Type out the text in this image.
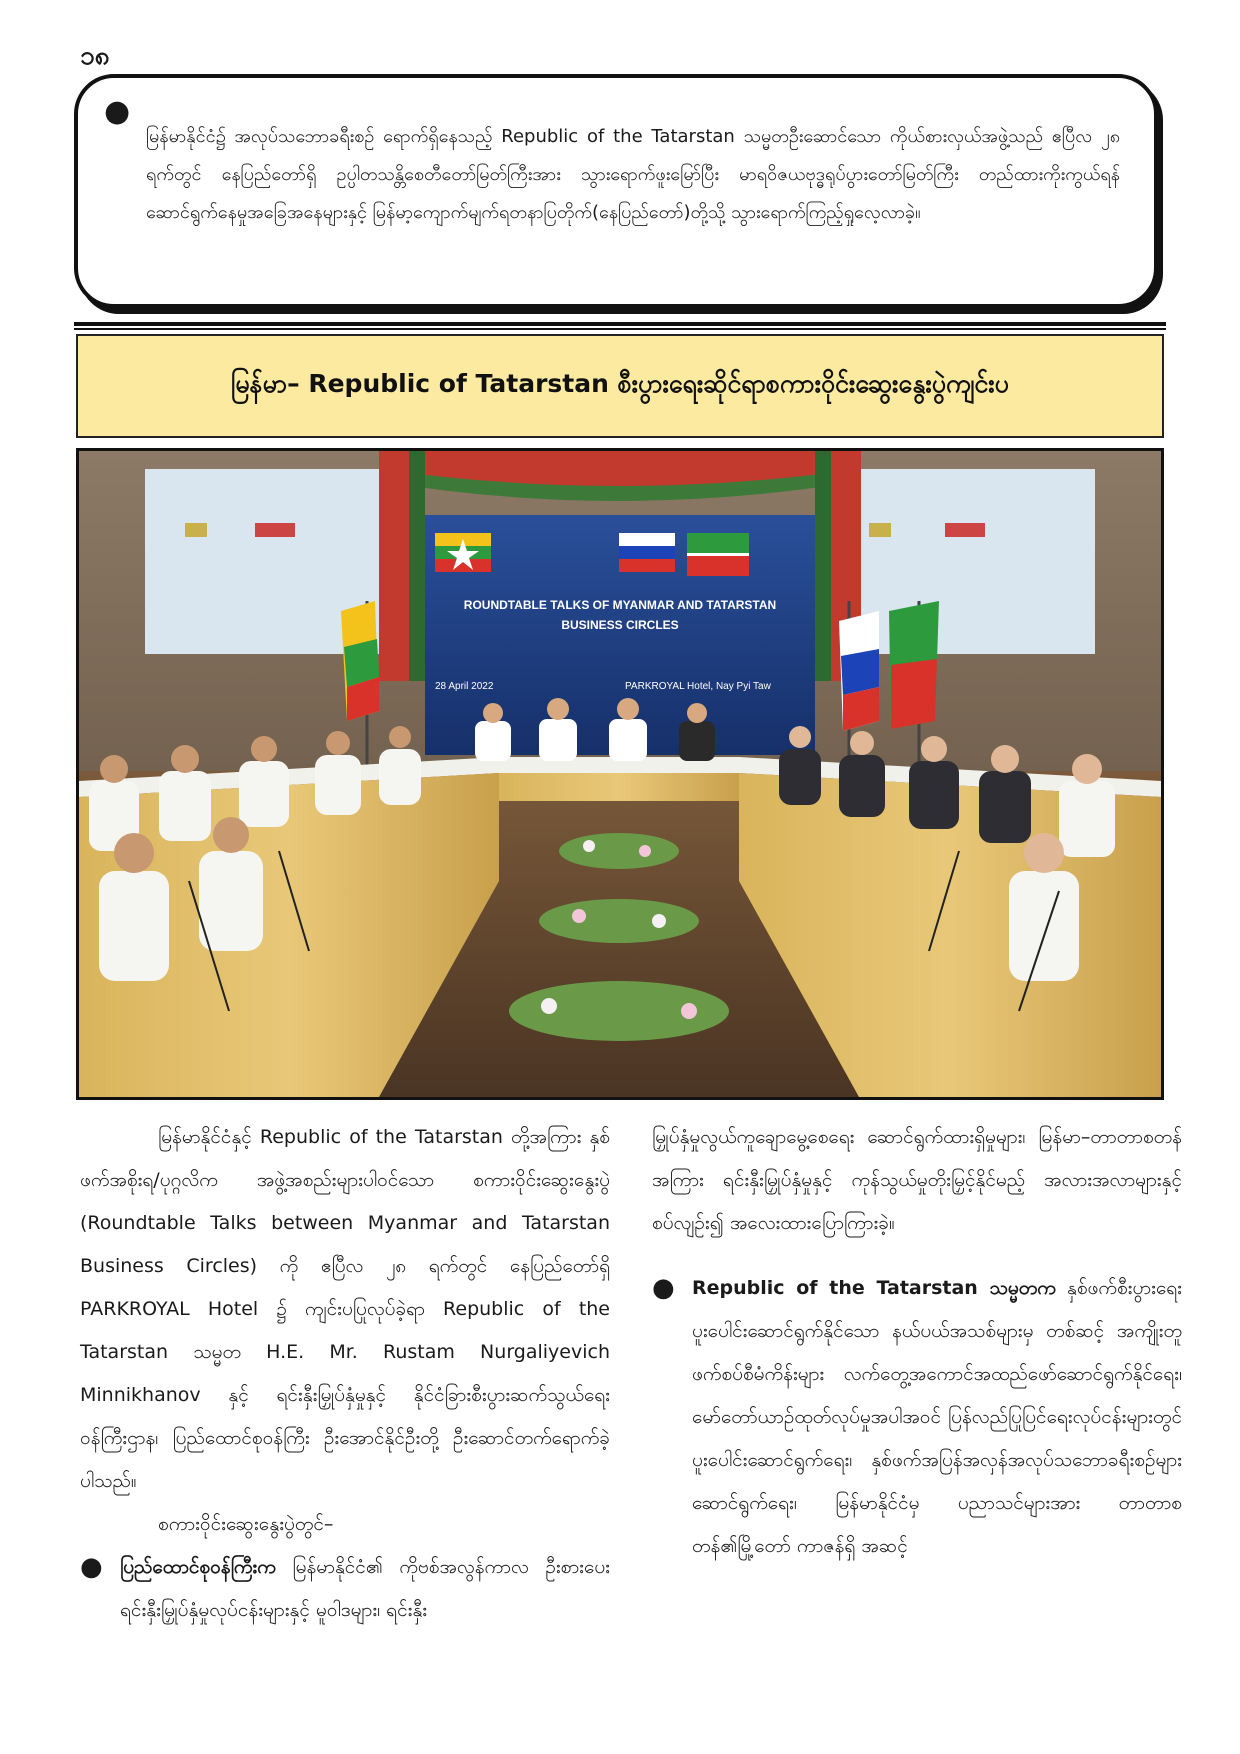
၁၈
●

မြန်မာနိုင်ငံ၌ အလုပ်သဘောခရီးစဉ် ရောက်ရှိနေသည့် Republic of the Tatarstan သမ္မတဦးဆောင်သော ကိုယ်စားလှယ်အဖွဲ့သည် ဧပြီလ ၂၈ ရက်တွင် နေပြည်တော်ရှိ ဥပ္ပါတသန္တိစေတီတော်မြတ်ကြီးအား သွားရောက်ဖူးမြော်ပြီး မာရဝိဇယဗုဒ္ဓရုပ်ပွားတော်မြတ်ကြီး တည်ထားကိုးကွယ်ရန် ဆောင်ရွက်နေမှုအခြေအနေများနှင့် မြန်မာ့ကျောက်မျက်ရတနာပြတိုက်(နေပြည်တော်)တို့သို့ သွားရောက်ကြည့်ရှုလေ့လာခဲ့။

မြန်မာ– Republic of Tatarstan စီးပွားရေးဆိုင်ရာစကားဝိုင်းဆွေးနွေးပွဲကျင်းပ
ROUNDTABLE TALKS OF MYANMAR AND TATARSTAN
BUSINESS CIRCLES
28 April 2022	PARKROYAL Hotel, Nay Pyi Taw

မြန်မာနိုင်ငံနှင့် Republic of the Tatarstan တို့အကြား နှစ်ဖက်အစိုးရ/ပုဂ္ဂလိက အဖွဲ့အစည်းများပါဝင်သော စကားဝိုင်းဆွေးနွေးပွဲ (Roundtable Talks between Myanmar and Tatarstan Business Circles) ကို ဧပြီလ ၂၈ ရက်တွင် နေပြည်တော်ရှိ PARKROYAL Hotel ၌ ကျင်းပပြုလုပ်ခဲ့ရာ Republic of the Tatarstan သမ္မတ H.E. Mr. Rustam Nurgaliyevich Minnikhanov နှင့် ရင်းနှီးမြှုပ်နှံမှုနှင့် နိုင်ငံခြားစီးပွားဆက်သွယ်ရေးဝန်ကြီးဌာန၊ ပြည်ထောင်စုဝန်ကြီး ဦးအောင်နိုင်ဦးတို့ ဦးဆောင်တက်ရောက်ခဲ့ပါသည်။

စကားဝိုင်းဆွေးနွေးပွဲတွင်–

● ပြည်ထောင်စုဝန်ကြီးက မြန်မာနိုင်ငံ၏ ကိုဗစ်အလွန်ကာလ ဦးစားပေး ရင်းနှီးမြှုပ်နှံမှုလုပ်ငန်းများနှင့် မူဝါဒများ၊ ရင်းနှီး

မြှုပ်နှံမှုလွယ်ကူချောမွေ့စေရေး ဆောင်ရွက်ထားရှိမှုများ၊ မြန်မာ–တာတာစတန်အကြား ရင်းနှီးမြှုပ်နှံမှုနှင့် ကုန်သွယ်မှုတိုးမြှင့်နိုင်မည့် အလားအလာများနှင့်စပ်လျဉ်း၍ အလေးထားပြောကြားခဲ့။

● Republic of the Tatarstan သမ္မတက နှစ်ဖက်စီးပွားရေးပူးပေါင်းဆောင်ရွက်နိုင်သော နယ်ပယ်အသစ်များမှ တစ်ဆင့် အကျိုးတူဖက်စပ်စီမံကိန်းများ လက်တွေ့အကောင်အထည်ဖော်ဆောင်ရွက်နိုင်ရေး၊ မော်တော်ယာဉ်ထုတ်လုပ်မှုအပါအဝင် ပြန်လည်ပြုပြင်ရေးလုပ်ငန်းများတွင် ပူးပေါင်းဆောင်ရွက်ရေး၊ နှစ်ဖက်အပြန်အလှန်အလုပ်သဘောခရီးစဉ်များဆောင်ရွက်ရေး၊ မြန်မာနိုင်ငံမှ ပညာသင်များအား တာတာစတန်၏မြို့တော် ကာဇန်ရှိ အဆင့်
